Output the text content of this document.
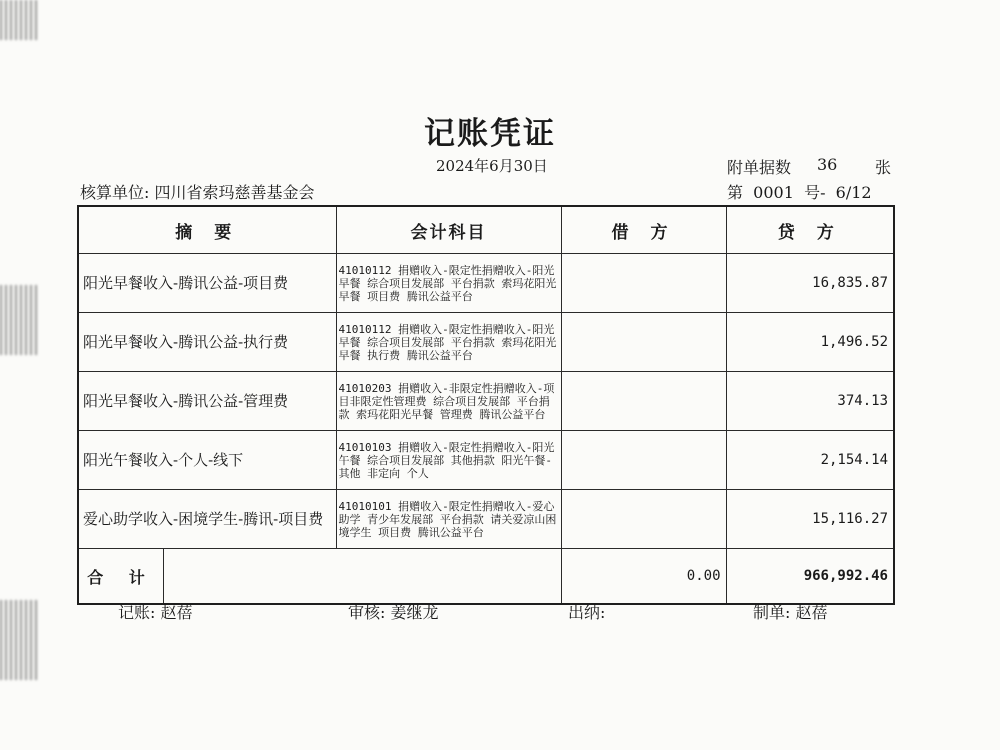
记账凭证
2024年6月30日	附单据数 36 张
核算单位: 四川省索玛慈善基金会	第  0001  号-  6/12
摘 要	会计科目	借 方	贷 方
阳光早餐收入-腾讯公益-项目费	41010112 捐赠收入-限定性捐赠收入-阳光早餐 综合项目发展部 平台捐款 索玛花阳光早餐 项目费 腾讯公益平台		16,835.87
阳光早餐收入-腾讯公益-执行费	41010112 捐赠收入-限定性捐赠收入-阳光早餐 综合项目发展部 平台捐款 索玛花阳光早餐 执行费 腾讯公益平台		1,496.52
阳光早餐收入-腾讯公益-管理费	41010203 捐赠收入-非限定性捐赠收入-项目非限定性管理费 综合项目发展部 平台捐款 索玛花阳光早餐 管理费 腾讯公益平台		374.13
阳光午餐收入-个人-线下	41010103 捐赠收入-限定性捐赠收入-阳光午餐 综合项目发展部 其他捐款 阳光午餐-其他 非定向 个人		2,154.14
爱心助学收入-困境学生-腾讯-项目费	41010101 捐赠收入-限定性捐赠收入-爱心助学 青少年发展部 平台捐款 请关爱凉山困境学生 项目费 腾讯公益平台		15,116.27

合 计		0.00	966,992.46
记账: 赵蓓	审核: 姜继龙	出纳:	制单: 赵蓓
